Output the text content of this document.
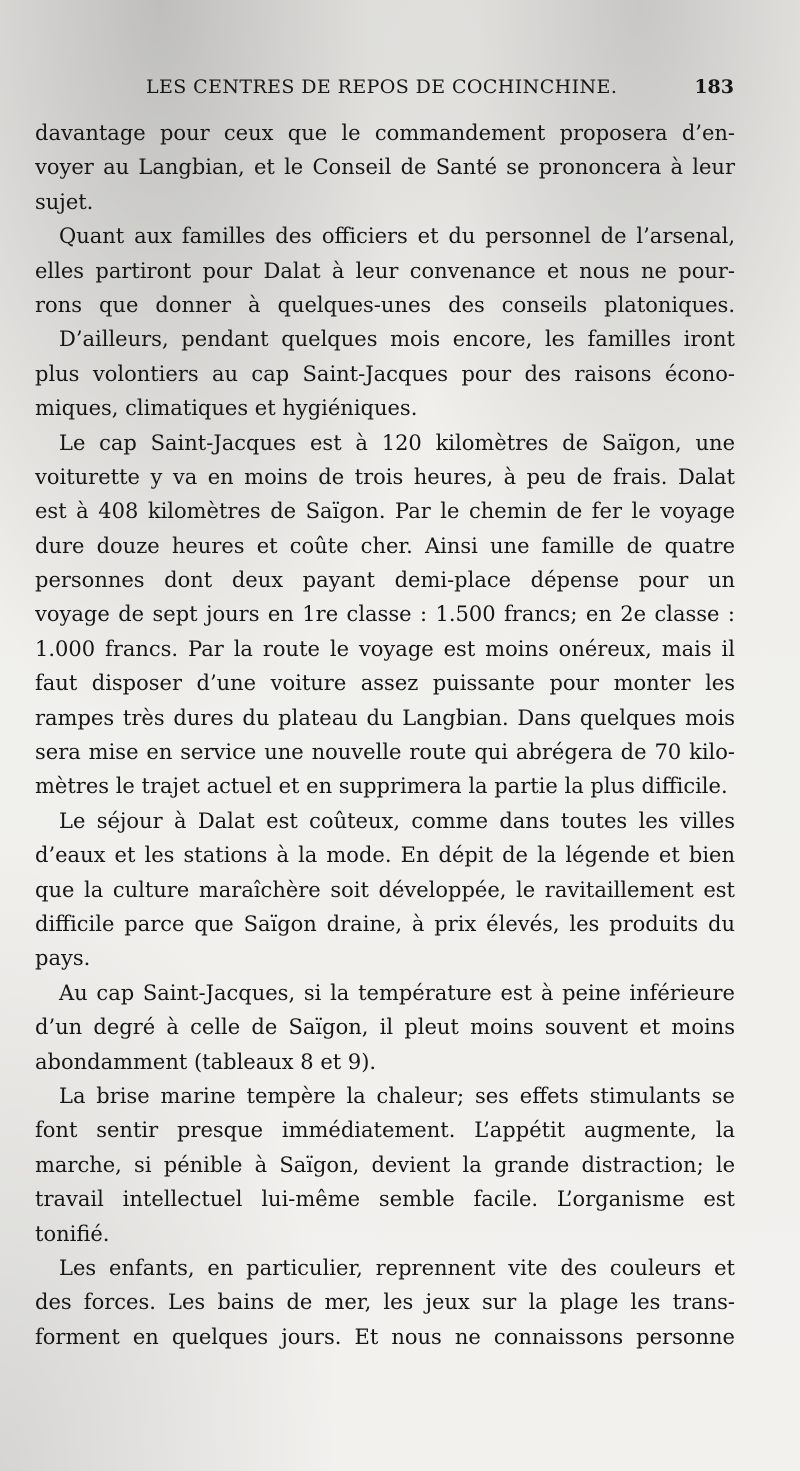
LES CENTRES DE REPOS DE COCHINCHINE.	183
davantage pour ceux que le commandement proposera d’en-
voyer au Langbian, et le Conseil de Santé se prononcera à leur
sujet.
Quant aux familles des officiers et du personnel de l’arsenal,
elles partiront pour Dalat à leur convenance et nous ne pour-
rons que donner à quelques-unes des conseils platoniques.
D’ailleurs, pendant quelques mois encore, les familles iront
plus volontiers au cap Saint-Jacques pour des raisons écono-
miques, climatiques et hygiéniques.
Le cap Saint-Jacques est à 120 kilomètres de Saïgon, une
voiturette y va en moins de trois heures, à peu de frais. Dalat
est à 408 kilomètres de Saïgon. Par le chemin de fer le voyage
dure douze heures et coûte cher. Ainsi une famille de quatre
personnes dont deux payant demi-place dépense pour un
voyage de sept jours en 1re classe : 1.500 francs; en 2e classe :
1.000 francs. Par la route le voyage est moins onéreux, mais il
faut disposer d’une voiture assez puissante pour monter les
rampes très dures du plateau du Langbian. Dans quelques mois
sera mise en service une nouvelle route qui abrégera de 70 kilo-
mètres le trajet actuel et en supprimera la partie la plus difficile.
Le séjour à Dalat est coûteux, comme dans toutes les villes
d’eaux et les stations à la mode. En dépit de la légende et bien
que la culture maraîchère soit développée, le ravitaillement est
difficile parce que Saïgon draine, à prix élevés, les produits du
pays.
Au cap Saint-Jacques, si la température est à peine inférieure
d’un degré à celle de Saïgon, il pleut moins souvent et moins
abondamment (tableaux 8 et 9).
La brise marine tempère la chaleur; ses effets stimulants se
font sentir presque immédiatement. L’appétit augmente, la
marche, si pénible à Saïgon, devient la grande distraction; le
travail intellectuel lui-même semble facile. L’organisme est
tonifié.
Les enfants, en particulier, reprennent vite des couleurs et
des forces. Les bains de mer, les jeux sur la plage les trans-
forment en quelques jours. Et nous ne connaissons personne
